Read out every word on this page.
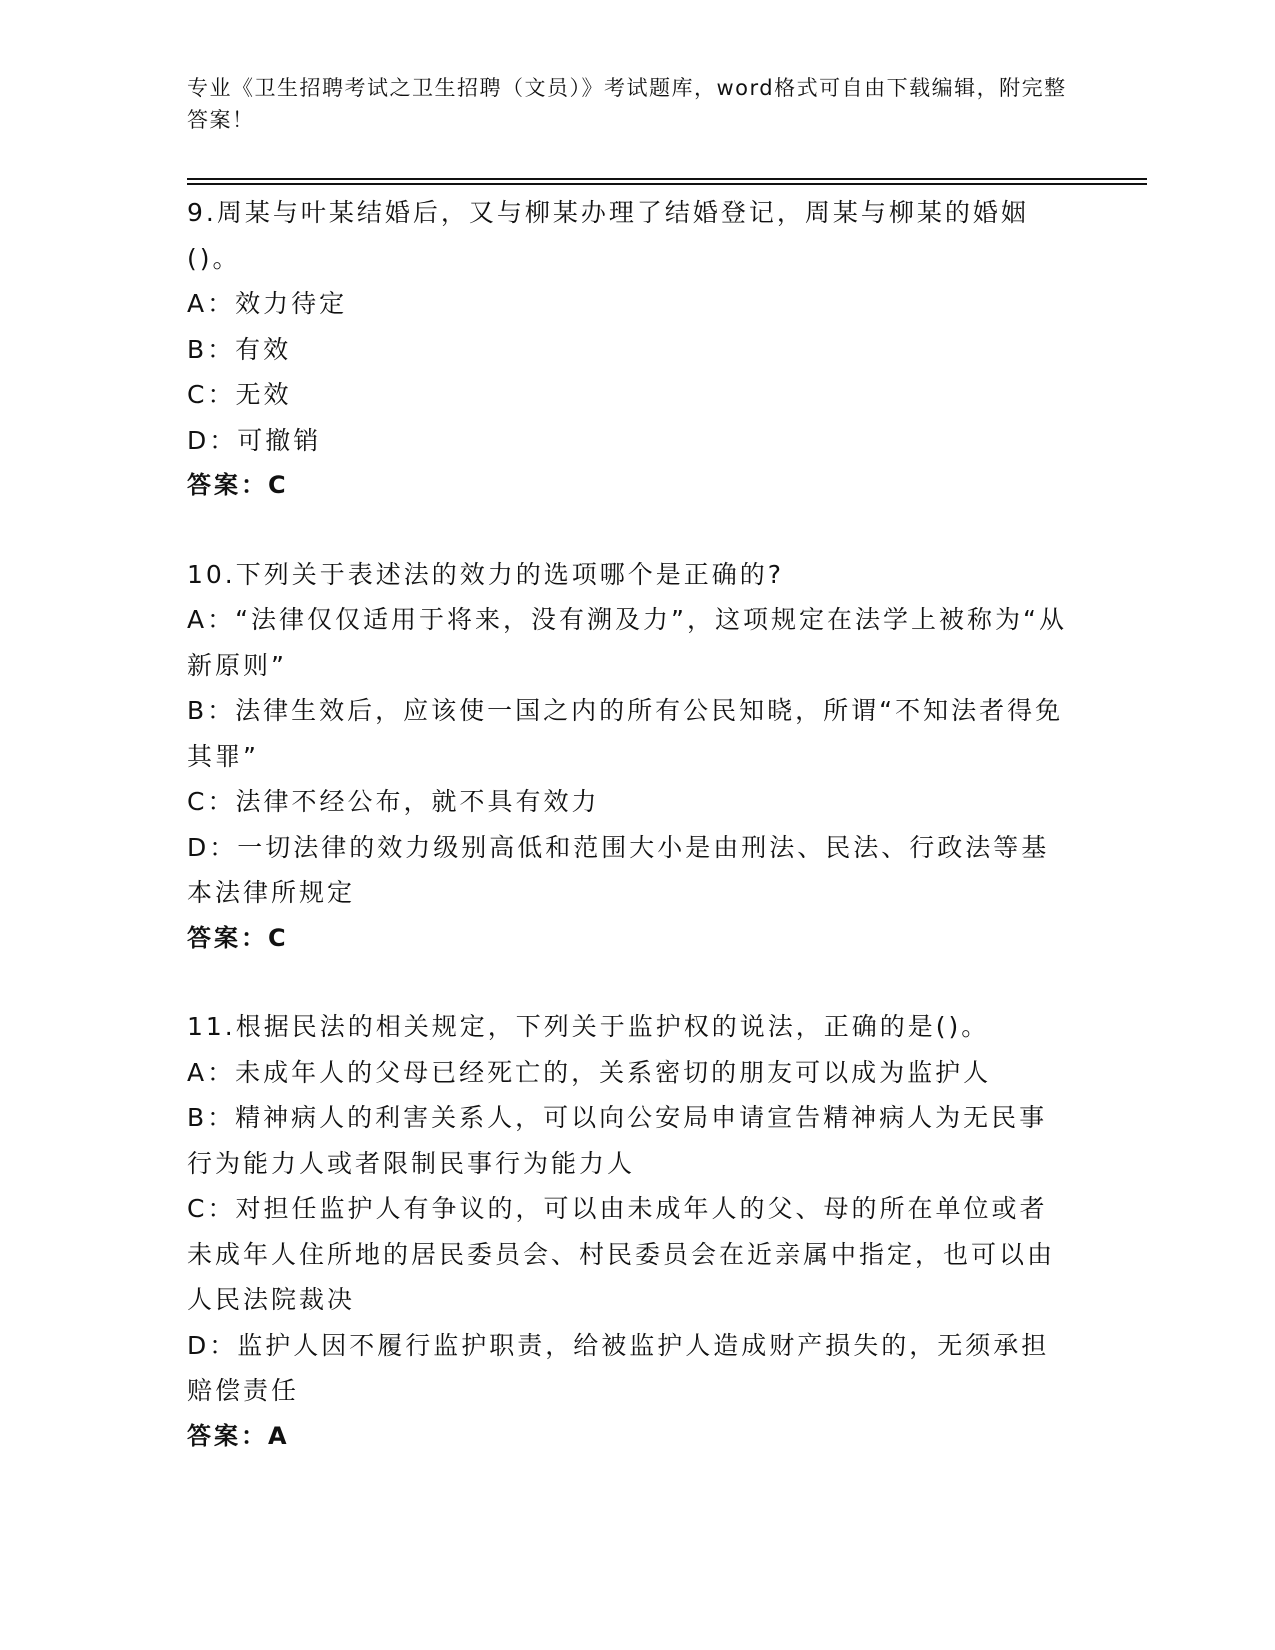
专业《卫生招聘考试之卫生招聘（文员）》考试题库，word格式可自由下载编辑，附完整答案！

9.周某与叶某结婚后，又与柳某办理了结婚登记，周某与柳某的婚姻()。

A：效力待定

B：有效

C：无效

D：可撤销

答案：C

10.下列关于表述法的效力的选项哪个是正确的?

A：“法律仅仅适用于将来，没有溯及力”，这项规定在法学上被称为“从新原则”

B：法律生效后，应该使一国之内的所有公民知晓，所谓“不知法者得免其罪”

C：法律不经公布，就不具有效力

D：一切法律的效力级别高低和范围大小是由刑法、民法、行政法等基本法律所规定

答案：C

11.根据民法的相关规定，下列关于监护权的说法，正确的是()。

A：未成年人的父母已经死亡的，关系密切的朋友可以成为监护人

B：精神病人的利害关系人，可以向公安局申请宣告精神病人为无民事行为能力人或者限制民事行为能力人

C：对担任监护人有争议的，可以由未成年人的父、母的所在单位或者未成年人住所地的居民委员会、村民委员会在近亲属中指定，也可以由人民法院裁决

D：监护人因不履行监护职责，给被监护人造成财产损失的，无须承担赔偿责任

答案：A
